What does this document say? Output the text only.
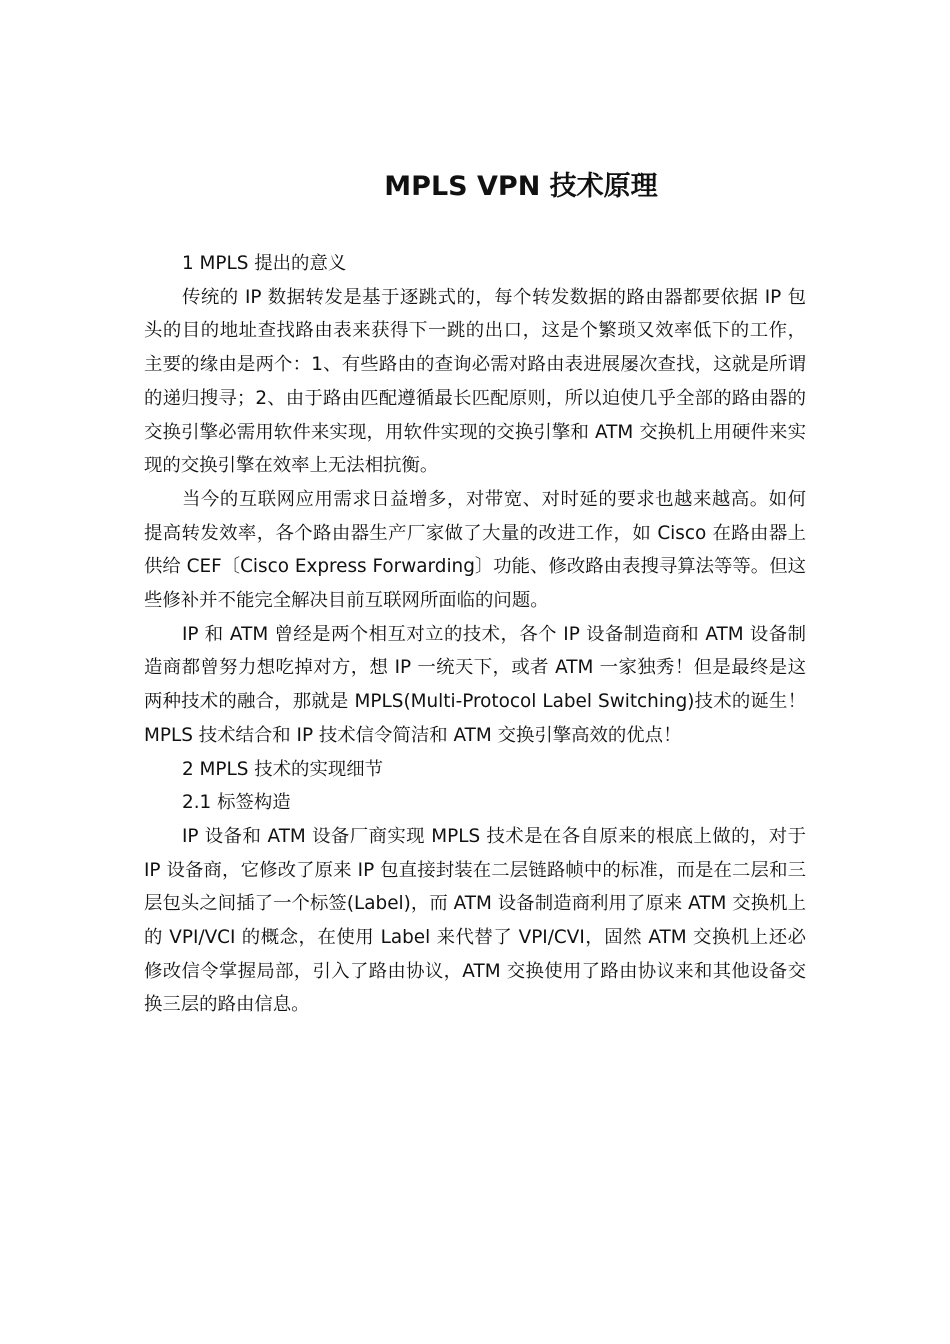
MPLS VPN 技术原理
1 MPLS 提出的意义
传统的 IP 数据转发是基于逐跳式的，每个转发数据的路由器都要依据 IP 包头的目的地址查找路由表来获得下一跳的出口，这是个繁琐又效率低下的工作，主要的缘由是两个：1、有些路由的查询必需对路由表进展屡次查找，这就是所谓的递归搜寻；2、由于路由匹配遵循最长匹配原则，所以迫使几乎全部的路由器的交换引擎必需用软件来实现，用软件实现的交换引擎和 ATM 交换机上用硬件来实现的交换引擎在效率上无法相抗衡。
当今的互联网应用需求日益增多，对带宽、对时延的要求也越来越高。如何提高转发效率，各个路由器生产厂家做了大量的改进工作，如 Cisco 在路由器上供给 CEF〔Cisco Express Forwarding〕功能、修改路由表搜寻算法等等。但这些修补并不能完全解决目前互联网所面临的问题。
IP 和 ATM 曾经是两个相互对立的技术，各个 IP 设备制造商和 ATM 设备制造商都曾努力想吃掉对方，想 IP 一统天下，或者 ATM 一家独秀！但是最终是这两种技术的融合，那就是 MPLS(Multi-Protocol Label Switching)技术的诞生！ MPLS 技术结合和 IP 技术信令简洁和 ATM 交换引擎高效的优点！
2 MPLS 技术的实现细节
2.1 标签构造
IP 设备和 ATM 设备厂商实现 MPLS 技术是在各自原来的根底上做的，对于 IP 设备商，它修改了原来 IP 包直接封装在二层链路帧中的标准，而是在二层和三层包头之间插了一个标签(Label)，而 ATM 设备制造商利用了原来 ATM 交换机上的 VPI/VCI 的概念，在使用 Label 来代替了 VPI/CVI，固然 ATM 交换机上还必修改信令掌握局部，引入了路由协议，ATM 交换使用了路由协议来和其他设备交换三层的路由信息。
